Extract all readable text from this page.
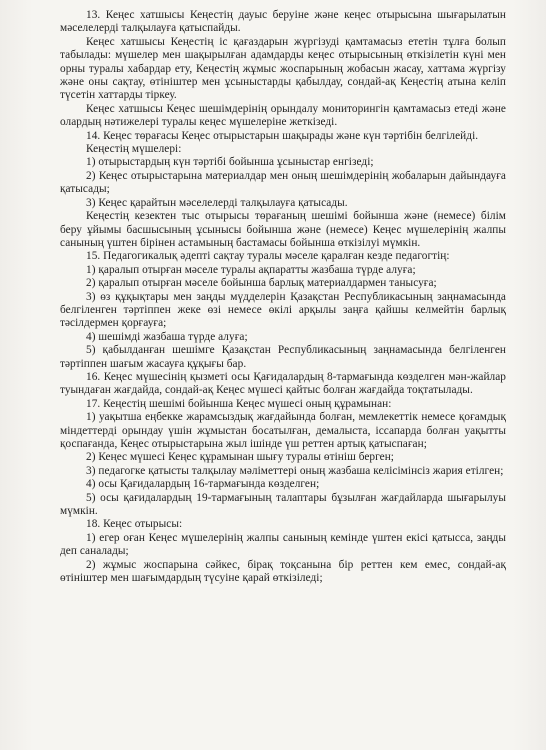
13. Кеңес хатшысы Кеңестің дауыс беруіне және кеңес отырысына шығарылатын мәселелерді талқылауға қатыспайды.

Кеңес хатшысы Кеңестің іс қағаздарын жүргізуді қамтамасыз ететін тұлға болып табылады: мүшелер мен шақырылған адамдарды кеңес отырысының өткізілетін күні мен орны туралы хабардар ету, Кеңестің жұмыс жоспарының жобасын жасау, хаттама жүргізу және оны сақтау, өтініштер мен ұсыныстарды қабылдау, сондай-ақ Кеңестің атына келіп түсетін хаттарды тіркеу.

Кеңес хатшысы Кеңес шешімдерінің орындалу мониторингін қамтамасыз етеді және олардың нәтижелері туралы кеңес мүшелеріне жеткізеді.

14. Кеңес төрағасы Кеңес отырыстарын шақырады және күн тәртібін белгілейді.

Кеңестің мүшелері:

1) отырыстардың күн тәртібі бойынша ұсыныстар енгізеді;

2) Кеңес отырыстарына материалдар мен оның шешімдерінің жобаларын дайындауға қатысады;

3) Кеңес қарайтын мәселелерді талқылауға қатысады.

Кеңестің кезектен тыс отырысы төрағаның шешімі бойынша және (немесе) білім беру ұйымы басшысының ұсынысы бойынша және (немесе) Кеңес мүшелерінің жалпы санының үштен бірінен астамының бастамасы бойынша өткізілуі мүмкін.

15. Педагогикалық әдепті сақтау туралы мәселе қаралған кезде педагогтің:

1) қаралып отырған мәселе туралы ақпаратты жазбаша түрде алуға;

2) қаралып отырған мәселе бойынша барлық материалдармен танысуға;

3) өз құқықтары мен заңды мүдделерін Қазақстан Республикасының заңнамасында белгіленген тәртіппен жеке өзі немесе өкілі арқылы заңға қайшы келмейтін барлық тәсілдермен қорғауға;

4) шешімді жазбаша түрде алуға;

5) қабылданған шешімге Қазақстан Республикасының заңнамасында белгіленген тәртіппен шағым жасауға құқығы бар.

16. Кеңес мүшесінің қызметі осы Қағидалардың 8-тармағында көзделген мән-жайлар туындаған жағдайда, сондай-ақ Кеңес мүшесі қайтыс болған жағдайда тоқтатылады.

17. Кеңестің шешімі бойынша Кеңес мүшесі оның құрамынан:

1) уақытша еңбекке жарамсыздық жағдайында болған, мемлекеттік немесе қоғамдық міндеттерді орындау үшін жұмыстан босатылған, демалыста, іссапарда болған уақытты қоспағанда, Кеңес отырыстарына жыл ішінде үш реттен артық қатыспаған;

2) Кеңес мүшесі Кеңес құрамынан шығу туралы өтініш берген;

3) педагогке қатысты талқылау мәліметтері оның жазбаша келісімінсіз жария етілген;

4) осы Қағидалардың 16-тармағында көзделген;

5) осы қағидалардың 19-тармағының талаптары бұзылған жағдайларда шығарылуы мүмкін.

18. Кеңес отырысы:

1) егер оған Кеңес мүшелерінің жалпы санының кемінде үштен екісі қатысса, заңды деп саналады;

2) жұмыс жоспарына сәйкес, бірақ тоқсанына бір реттен кем емес, сондай-ақ өтініштер мен шағымдардың түсуіне қарай өткізіледі;
